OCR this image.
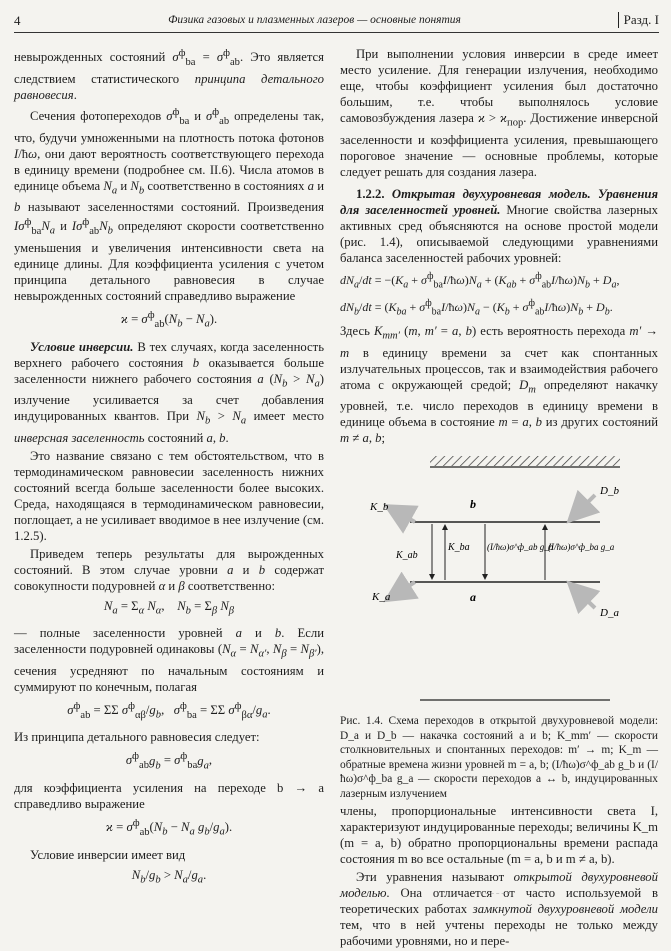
4	Физика газовых и плазменных лазеров — основные понятия	Разд. I

невырожденных состояний $\sigma^ф_{ba} = \sigma^ф_{ab}$. Это является следствием статистического принципа детального равновесия.

Сечения фотопереходов $\sigma^ф_{ba}$ и $\sigma^ф_{ab}$ определены так, что, будучи умноженными на плотность потока фотонов I/ħω, они дают вероятность соответствующего перехода в единицу времени (подробнее см. II.6). Числа атомов в единице объема $N_a$ и $N_b$ соответственно в состояниях a и b называют заселенностями состояний. Произведения $I\sigma^ф_{ba}N_a$ и $I\sigma^ф_{ab}N_b$ определяют скорости соответственно уменьшения и увеличения интенсивности света на единице длины. Для коэффициента усиления с учетом принципа детального равновесия в случае невырожденных состояний справедливо выражение

$ϰ = \sigma^ф_{ab}(N_b - N_a)$.

Условие инверсии. В тех случаях, когда заселенность верхнего рабочего состояния b оказывается больше заселенности нижнего рабочего состояния a $(N_b > N_a)$ излучение усиливается за счет добавления индуцированных квантов. При $N_b > N_a$ имеет место инверсная заселенность состояний a, b.

Это название связано с тем обстоятельством, что в термодинамическом равновесии заселенность нижних состояний всегда больше заселенности более высоких. Среда, находящаяся в термодинамическом равновесии, поглощает, а не усиливает вводимое в нее излучение (см. 1.2.5).

Приведем теперь результаты для вырожденных состояний. В этом случае уровни a и b содержат совокупности подуровней α и β соответственно:

$N_a = \Sigma_\alpha$ $N_\alpha$,    $N_b = \Sigma_\beta$ $N_\beta$

— полные заселенности уровней a и b. Если заселенности подуровней одинаковы ($N_\alpha = N_{\alpha'}$, $N_\beta = N_{\beta'}$), сечения усредняют по начальным состояниям и суммируют по конечным, полагая

$\sigma^ф_{ab} = \Sigma\Sigma$ $\sigma^ф_{\alpha\beta}/g_b$,   $\sigma^ф_{ba} = \Sigma\Sigma$ $\sigma^ф_{\beta\alpha}/g_a$.

Из принципа детального равновесия следует:

$\sigma^ф_{ab}g_b = \sigma^ф_{ba}g_a$,

для коэффициента усиления на переходе b → a справедливо выражение

$ϰ = \sigma^ф_{ab}(N_b - N_a$ $g_b/g_a$).

Условие инверсии имеет вид

$N_b/g_b > N_a/g_a$.

При выполнении условия инверсии в среде имеет место усиление. Для генерации излучения, необходимо еще, чтобы коэффициент усиления был достаточно большим, т.е. чтобы выполнялось условие самовозбуждения лазера $ϰ > ϰ_{пор}$. Достижение инверсной заселенности и коэффициента усиления, превышающего пороговое значение — основные проблемы, которые следует решать для создания лазера.

1.2.2. Открытая двухуровневая модель. Уравнения для заселенностей уровней. Многие свойства лазерных активных сред объясняются на основе простой модели (рис. 1.4), описываемой следующими уравнениями баланса заселенностей рабочих уровней:

$dN_a/dt = -(K_a$ + $\sigma^ф_{ba}I/ħ\omega)N_a + (K_{ab}$ + $\sigma^ф_{ab}I/ħ\omega)N_b + D_a$,
$dN_b/dt = (K_{ba}$ + $\sigma^ф_{ba}I/ħ\omega)N_a - (K_b$ + $\sigma^ф_{ab}I/ħ\omega)N_b + D_b$.

Здесь $K_{mm'}$ (m, m′ = a, b) есть вероятность перехода m′ → m в единицу времени за счет как спонтанных излучательных процессов, так и взаимодействия рабочего атома с окружающей средой; $D_m$ определяют накачку уровней, т.е. число переходов в единицу времени в единице объема в состояние m = a, b из других состояний m ≠ a, b;

b
a
K_b
K_a
D_b
D_a
K_ab
K_ba (I/ħω)σ^ф_ab g_b
(I/ħω)σ^ф_ba g_a

Рис. 1.4. Схема переходов в открытой двухуровневой модели: D_a и D_b — накачка состояний a и b; K_mm′ — скорости столкновительных и спонтанных переходов: m′ → m; K_m — обратные времена жизни уровней m = a, b; (I/ħω)σ^ф_ab g_b и (I/ħω)σ^ф_ba g_a — скорости переходов a ↔ b, индуцированных лазерным излучением

члены, пропорциональные интенсивности света I, характеризуют индуцированные переходы; величины K_m (m = a, b) обратно пропорциональны времени распада состояния m во все остальные (m = a, b и m ≠ a, b).

Эти уравнения называют открытой двухуровневой моделью. Она отличается от часто используемой в теоретических работах замкнутой двухуровневой модели тем, что в ней учтены переходы не только между рабочими уровнями, но и пере-
